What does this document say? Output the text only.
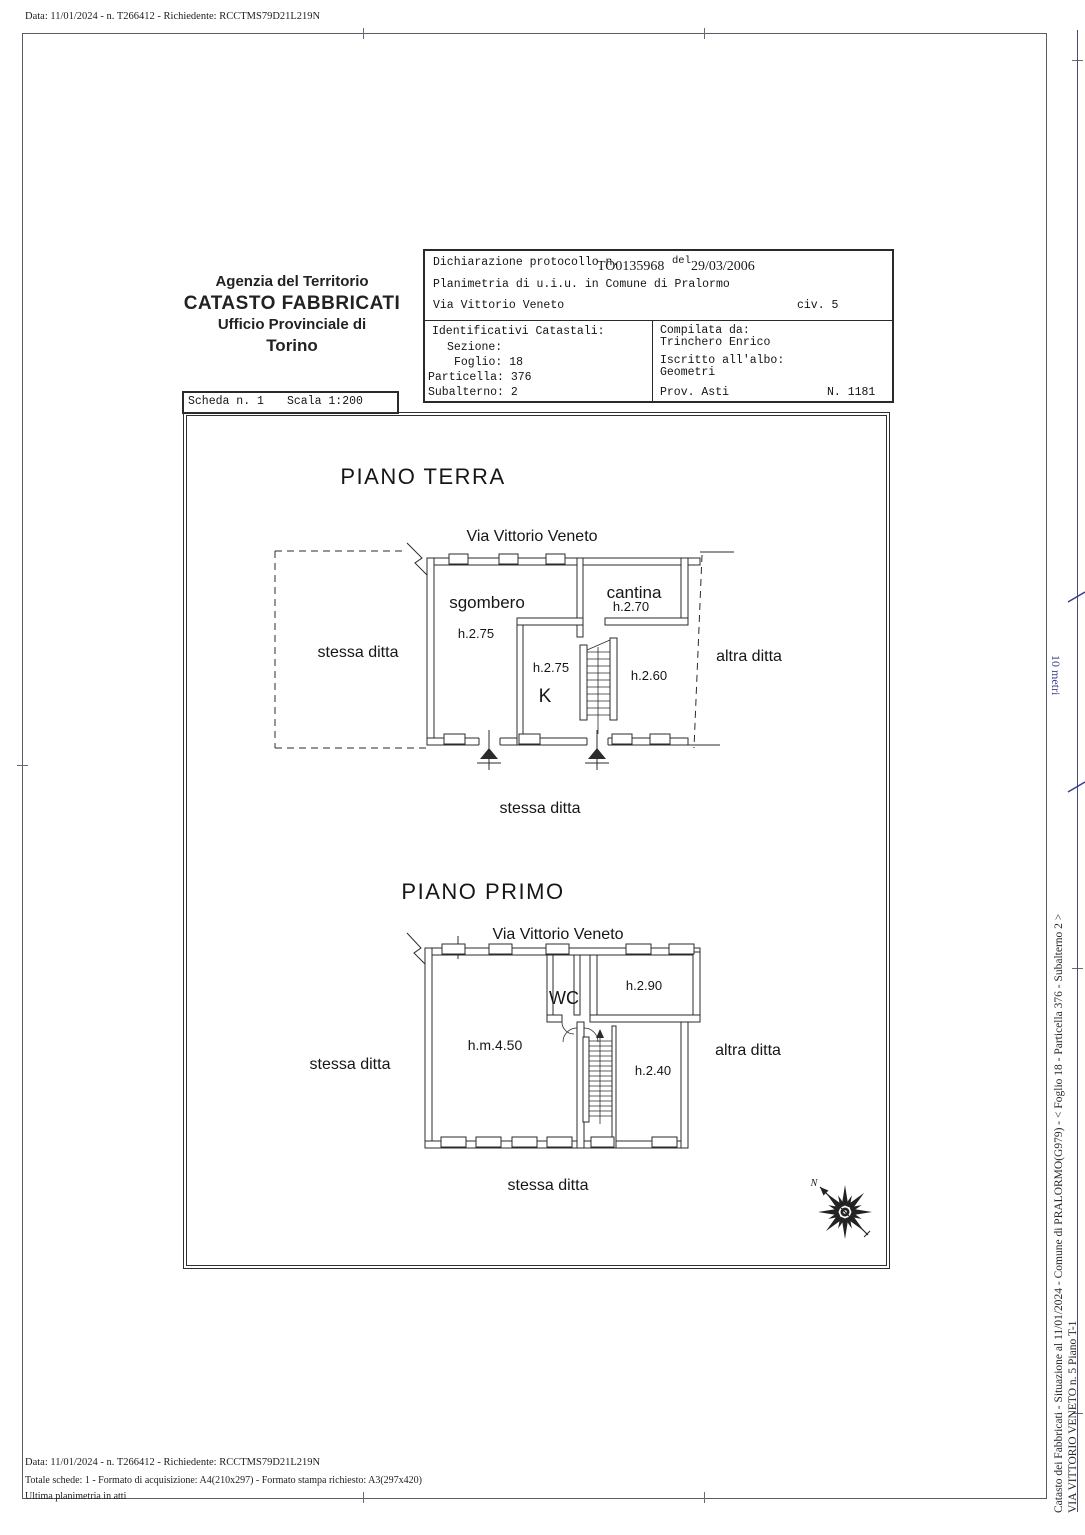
Data: 11/01/2024 - n. T266412 - Richiedente: RCCTMS79D21L219N
Agenzia del Territorio
CATASTO FABBRICATI
Ufficio Provinciale di
Torino
Dichiarazione protocollo n.
TO0135968 del 29/03/2006
Planimetria di u.i.u. in Comune di Pralormo
Via Vittorio Veneto	civ. 5
Identificativi Catastali:
Sezione:
Foglio: 18
Particella: 376
Subalterno: 2
Compilata da:
Trinchero Enrico
Iscritto all'albo:
Geometri
Prov. Asti	N. 1181
Scheda n. 1 Scala 1:200
PIANO TERRA
Via Vittorio Veneto
sgombero
h.2.75
cantina
h.2.70
h.2.75
K
h.2.60
stessa ditta	altra ditta
stessa ditta
PIANO PRIMO
Via Vittorio Veneto
h.m.4.50
WC
h.2.90
h.2.40
stessa ditta
altra ditta
stessa ditta	N
10 metri
Catasto dei Fabbricati - Situazione al 11/01/2024 - Comune di PRALORMO(G979) - < Foglio 18 - Particella 376 - Subalterno 2 > VIA VITTORIO VENETO n. 5 Piano T-1
Data: 11/01/2024 - n. T266412 - Richiedente: RCCTMS79D21L219N
Totale schede: 1 - Formato di acquisizione: A4(210x297) - Formato stampa richiesto: A3(297x420)
Ultima planimetria in atti
